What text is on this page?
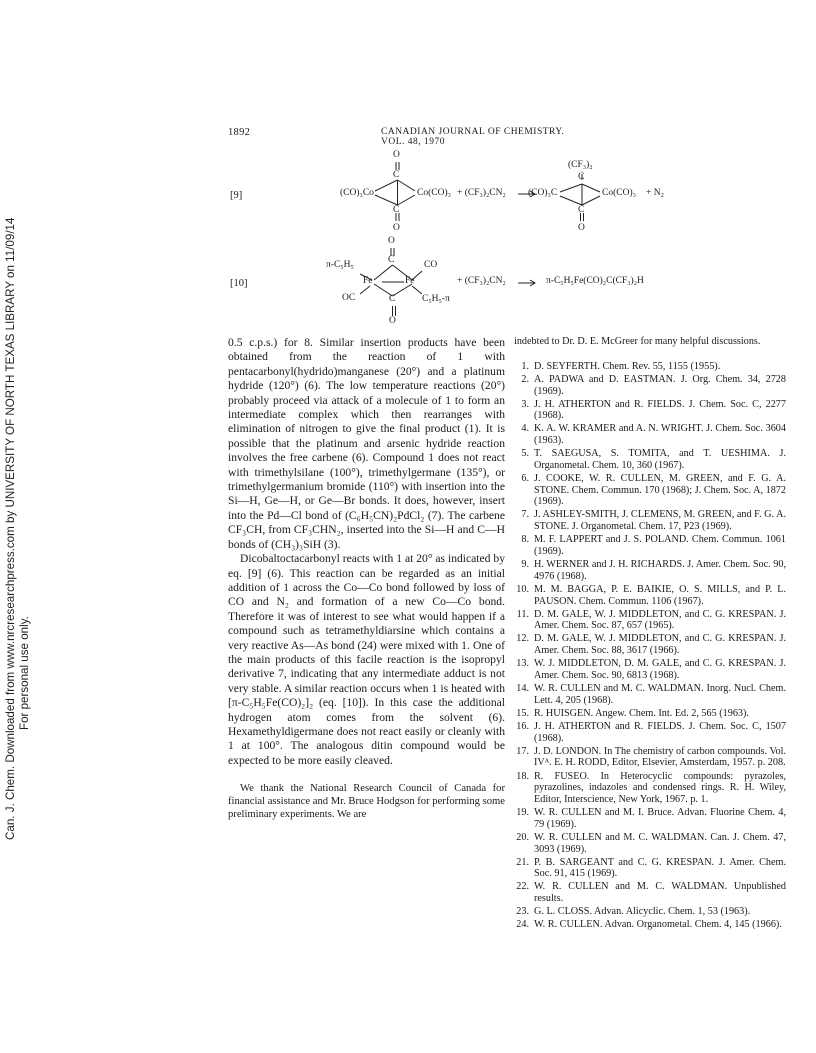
Can. J. Chem. Downloaded from www.nrcresearchpress.com by UNIVERSITY OF NORTH TEXAS LIBRARY on 11/09/14 For personal use only.
1892	CANADIAN JOURNAL OF CHEMISTRY. VOL. 48, 1970
[9]
O
C
(CO)₃Co	Co(CO)₃
C
O
+ (CF₃)₂CN₂
(CF₃)₂
C
(CO)₃C	Co(CO)₃
C
O
+ N₂
[10]
O
C
π-C₅H₅	CO
Fe	Fe
OC	C	C₅H₅-π
O
+ (CF₃)₂CN₂	π-C₅H₅Fe(CO)₂C(CF₃)₂H

0.5 c.p.s.) for 8. Similar insertion products have been obtained from the reaction of 1 with pentacarbonyl(hydrido)manganese (20°) and a platinum hydride (120°) (6). The low temperature reactions (20°) probably proceed via attack of a molecule of 1 to form an intermediate complex which then rearranges with elimination of nitrogen to give the final product (1). It is possible that the platinum and arsenic hydride reaction involves the free carbene (6). Compound 1 does not react with trimethylsilane (100°), trimethylgermane (135°), or trimethylgermanium bromide (110°) with insertion into the Si—H, Ge—H, or Ge—Br bonds. It does, however, insert into the Pd—Cl bond of (C₆H₅CN)₂PdCl₂ (7). The carbene CF₃CH, from CF₃CHN₂, inserted into the Si—H and C—H bonds of (CH₃)₃SiH (3).

Dicobaltoctacarbonyl reacts with 1 at 20° as indicated by eq. [9] (6). This reaction can be regarded as an initial addition of 1 across the Co—Co bond followed by loss of CO and N₂ and formation of a new Co—Co bond. Therefore it was of interest to see what would happen if a compound such as tetramethyldiarsine which contains a very reactive As—As bond (24) were mixed with 1. One of the main products of this facile reaction is the isopropyl derivative 7, indicating that any intermediate adduct is not very stable. A similar reaction occurs when 1 is heated with [π-C₅H₅Fe(CO)₂]₂ (eq. [10]). In this case the additional hydrogen atom comes from the solvent (6). Hexamethyldigermane does not react easily or cleanly with 1 at 100°. The analogous ditin compound would be expected to be more easily cleaved.

We thank the National Research Council of Canada for financial assistance and Mr. Bruce Hodgson for performing some preliminary experiments. We are

indebted to Dr. D. E. McGreer for many helpful discussions.

1. D. SEYFERTH. Chem. Rev. 55, 1155 (1955).
2. A. PADWA and D. EASTMAN. J. Org. Chem. 34, 2728 (1969).
3. J. H. ATHERTON and R. FIELDS. J. Chem. Soc. C, 2277 (1968).
4. K. A. W. KRAMER and A. N. WRIGHT. J. Chem. Soc. 3604 (1963).
5. T. SAEGUSA, S. TOMITA, and T. UESHIMA. J. Organometal. Chem. 10, 360 (1967).
6. J. COOKE, W. R. CULLEN, M. GREEN, and F. G. A. STONE. Chem. Commun. 170 (1968); J. Chem. Soc. A, 1872 (1969).
7. J. ASHLEY-SMITH, J. CLEMENS, M. GREEN, and F. G. A. STONE. J. Organometal. Chem. 17, P23 (1969).
8. M. F. LAPPERT and J. S. POLAND. Chem. Commun. 1061 (1969).
9. H. WERNER and J. H. RICHARDS. J. Amer. Chem. Soc. 90, 4976 (1968).
10. M. M. BAGGA, P. E. BAIKIE, O. S. MILLS, and P. L. PAUSON. Chem. Commun. 1106 (1967).
11. D. M. GALE, W. J. MIDDLETON, and C. G. KRESPAN. J. Amer. Chem. Soc. 87, 657 (1965).
12. D. M. GALE, W. J. MIDDLETON, and C. G. KRESPAN. J. Amer. Chem. Soc. 88, 3617 (1966).
13. W. J. MIDDLETON, D. M. GALE, and C. G. KRESPAN. J. Amer. Chem. Soc. 90, 6813 (1968).
14. W. R. CULLEN and M. C. WALDMAN. Inorg. Nucl. Chem. Lett. 4, 205 (1968).
15. R. HUISGEN. Angew. Chem. Int. Ed. 2, 565 (1963).
16. J. H. ATHERTON and R. FIELDS. J. Chem. Soc. C, 1507 (1968).
17. J. D. LONDON. In The chemistry of carbon compounds. Vol. IVᴬ. E. H. RODD, Editor, Elsevier, Amsterdam, 1957. p. 208.
18. R. FUSEO. In Heterocyclic compounds: pyrazoles, pyrazolines, indazoles and condensed rings. R. H. Wiley, Editor, Interscience, New York, 1967. p. 1.
19. W. R. CULLEN and M. I. Bruce. Advan. Fluorine Chem. 4, 79 (1969).
20. W. R. CULLEN and M. C. WALDMAN. Can. J. Chem. 47, 3093 (1969).
21. P. B. SARGEANT and C. G. KRESPAN. J. Amer. Chem. Soc. 91, 415 (1969).
22. W. R. CULLEN and M. C. WALDMAN. Unpublished results.
23. G. L. CLOSS. Advan. Alicyclic. Chem. 1, 53 (1963).
24. W. R. CULLEN. Advan. Organometal. Chem. 4, 145 (1966).
